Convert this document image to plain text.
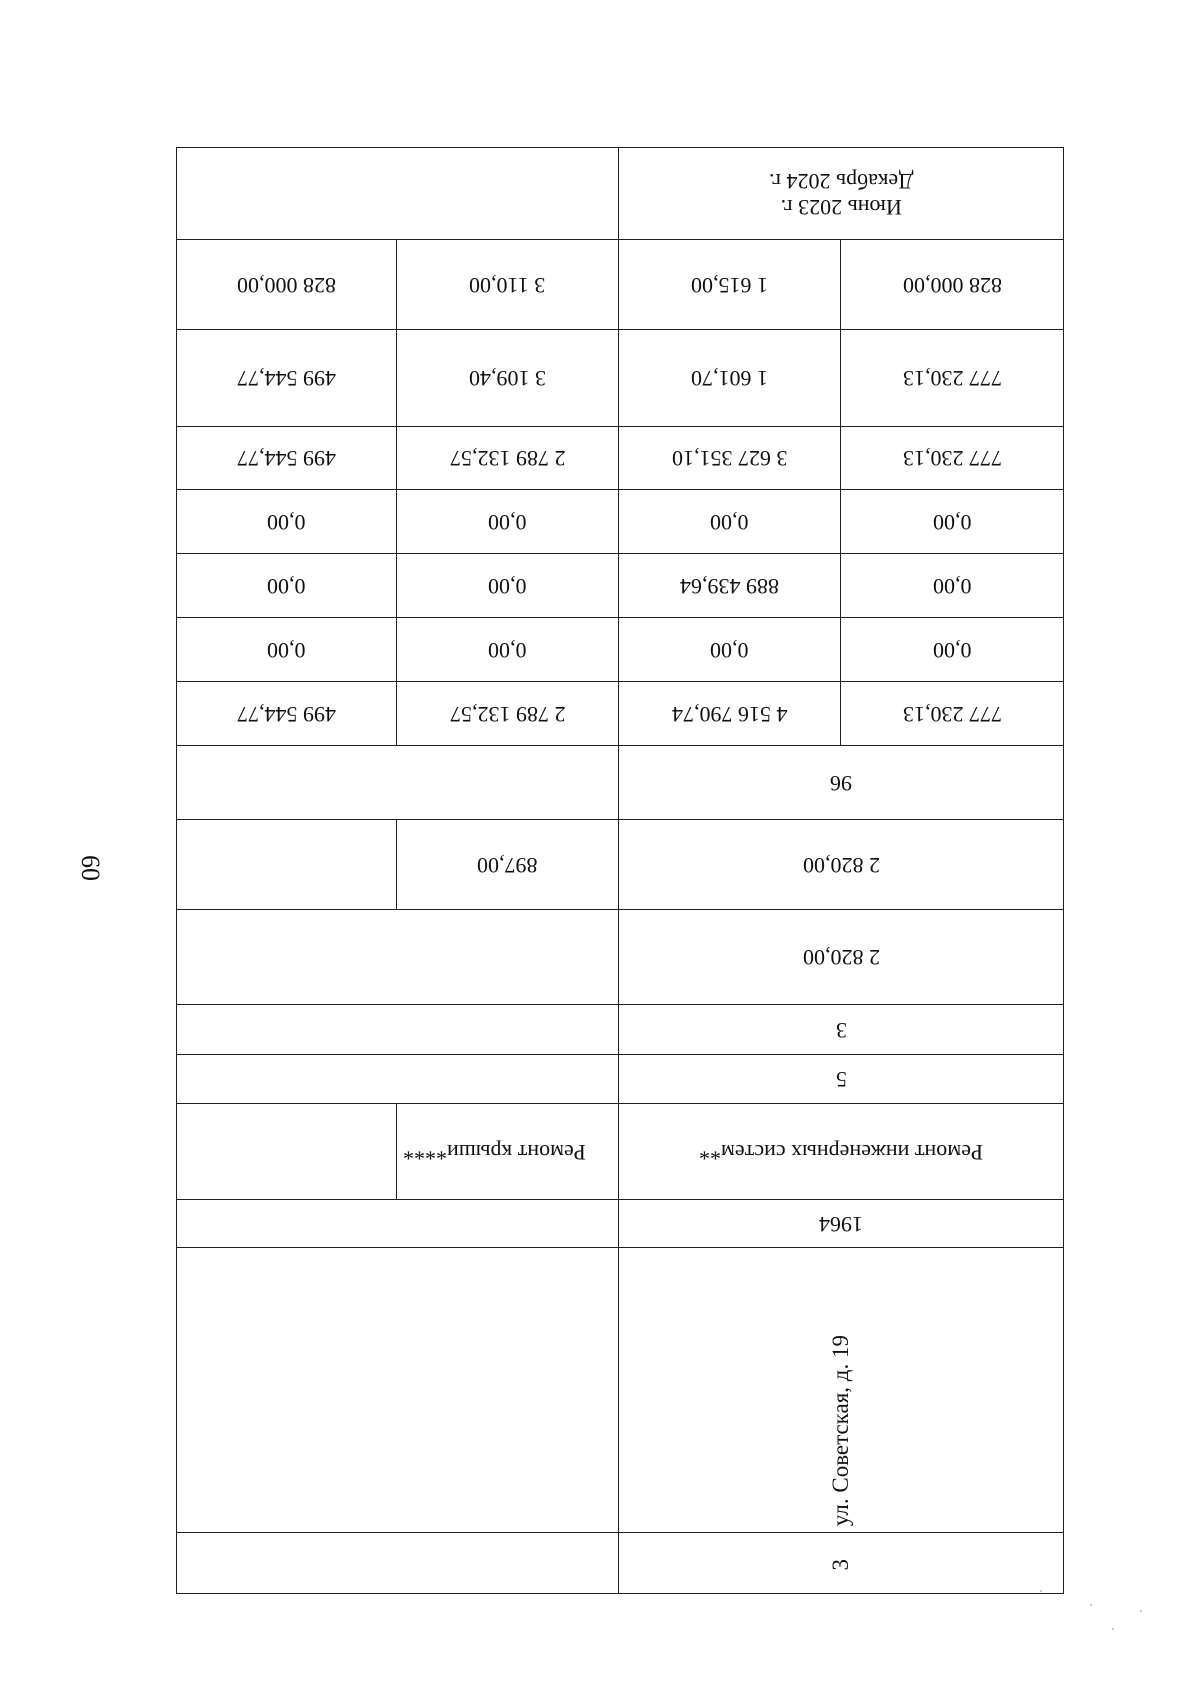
60
		Июнь 2023 г.
Декабрь 2024 г.	
828 000,00	3 110,00	1 615,00	828 000,00
499 544,77	3 109,40	1 601,70	777 230,13
499 544,77	2 789 132,57	3 627 351,10	777 230,13
0,00	0,00	0,00	0,00
0,00	0,00	889 439,64	0,00
0,00	0,00	0,00	0,00
499 544,77	2 789 132,57	4 516 790,74	777 230,13
		96	
	897,00	2 820,00	
		2 820,00	
		3	
		5	
	Ремонт крыши****	Ремонт инженерных систем**	
		1964	
		ул. Советская, д. 19	
		3	
